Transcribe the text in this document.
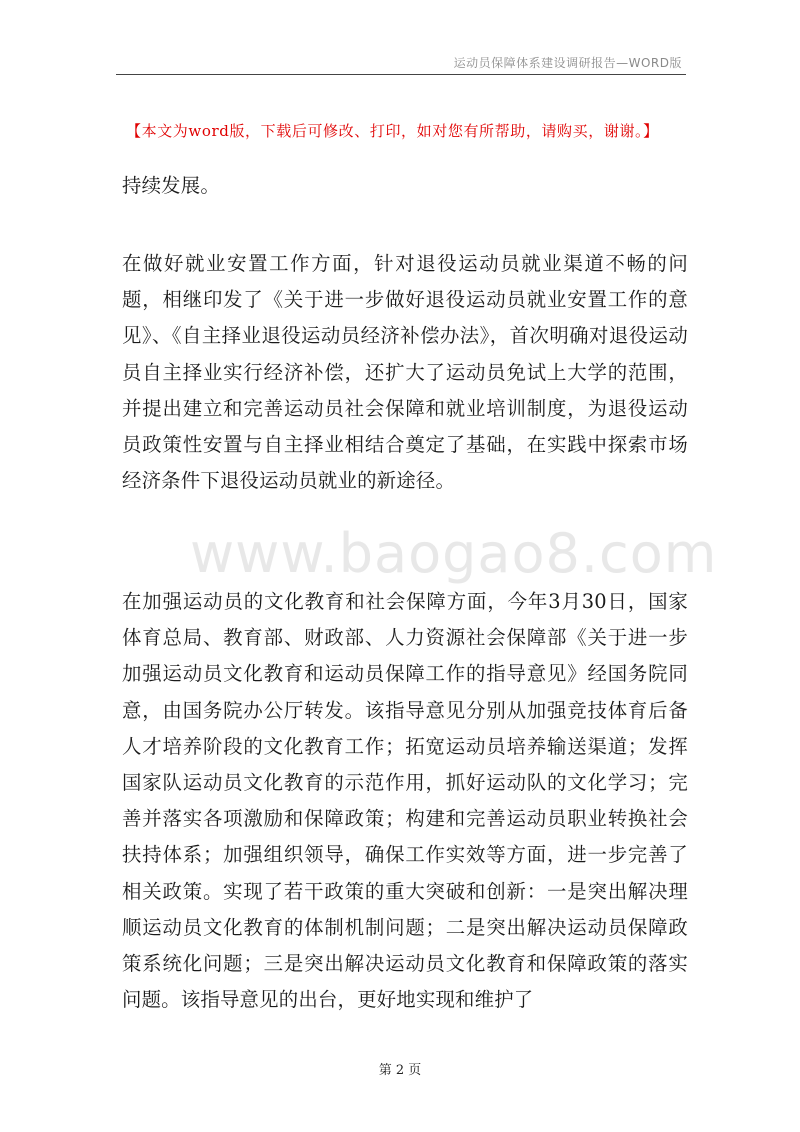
运动员保障体系建设调研报告—WORD版
【本文为word版，下载后可修改、打印，如对您有所帮助，请购买，谢谢。】
www.baogao8.com

持续发展。

在做好就业安置工作方面，针对退役运动员就业渠道不畅的问题，相继印发了《关于进一步做好退役运动员就业安置工作的意见》、《自主择业退役运动员经济补偿办法》，首次明确对退役运动员自主择业实行经济补偿，还扩大了运动员免试上大学的范围，并提出建立和完善运动员社会保障和就业培训制度，为退役运动员政策性安置与自主择业相结合奠定了基础，在实践中探索市场经济条件下退役运动员就业的新途径。

在加强运动员的文化教育和社会保障方面，今年3月30日，国家体育总局、教育部、财政部、人力资源社会保障部《关于进一步加强运动员文化教育和运动员保障工作的指导意见》经国务院同意，由国务院办公厅转发。该指导意见分别从加强竞技体育后备人才培养阶段的文化教育工作；拓宽运动员培养输送渠道；发挥国家队运动员文化教育的示范作用，抓好运动队的文化学习；完善并落实各项激励和保障政策；构建和完善运动员职业转换社会扶持体系；加强组织领导，确保工作实效等方面，进一步完善了相关政策。实现了若干政策的重大突破和创新：一是突出解决理顺运动员文化教育的体制机制问题；二是突出解决运动员保障政策系统化问题；三是突出解决运动员文化教育和保障政策的落实问题。该指导意见的出台，更好地实现和维护了

第 2 页
